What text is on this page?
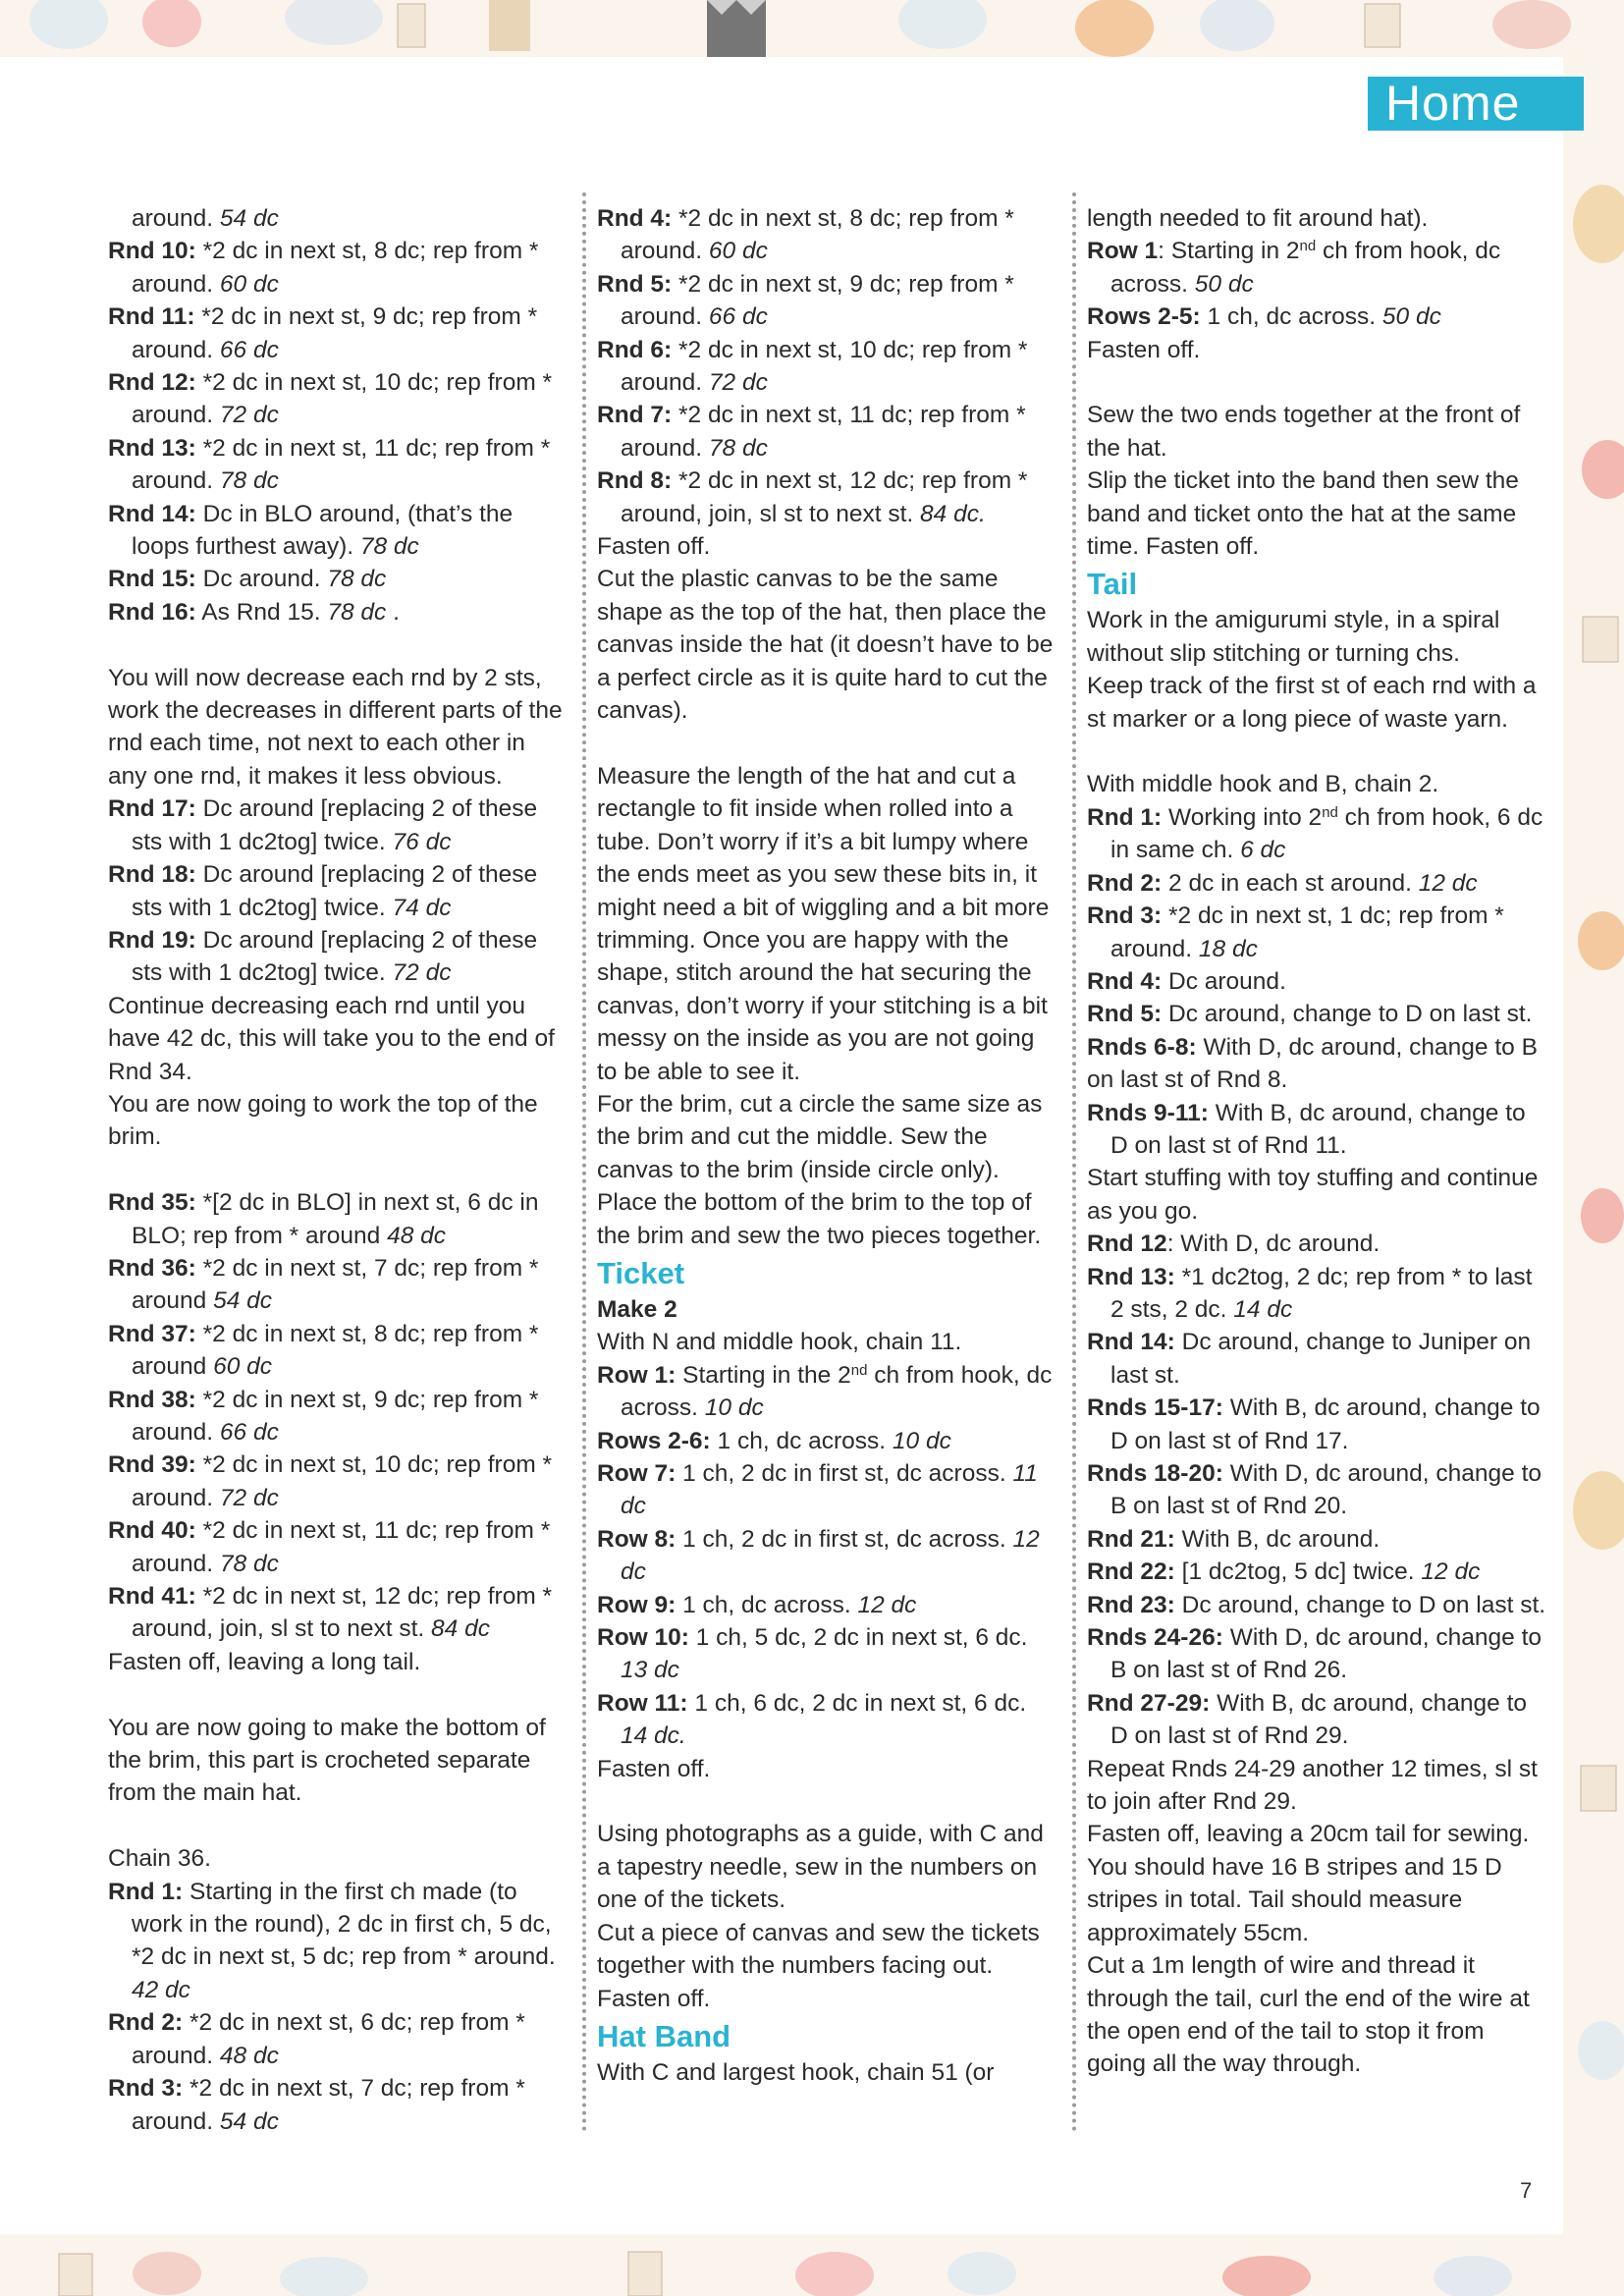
Home

around. 54 dc

Rnd 10: *2 dc in next st, 8 dc; rep from * around. 60 dc

Rnd 11: *2 dc in next st, 9 dc; rep from * around. 66 dc

Rnd 12: *2 dc in next st, 10 dc; rep from * around. 72 dc

Rnd 13: *2 dc in next st, 11 dc; rep from * around. 78 dc

Rnd 14: Dc in BLO around, (that’s the loops furthest away). 78 dc

Rnd 15: Dc around. 78 dc

Rnd 16: As Rnd 15. 78 dc .

You will now decrease each rnd by 2 sts, work the decreases in different parts of the rnd each time, not next to each other in any one rnd, it makes it less obvious.

Rnd 17: Dc around [replacing 2 of these sts with 1 dc2tog] twice. 76 dc

Rnd 18: Dc around [replacing 2 of these sts with 1 dc2tog] twice. 74 dc

Rnd 19: Dc around [replacing 2 of these sts with 1 dc2tog] twice. 72 dc

Continue decreasing each rnd until you have 42 dc, this will take you to the end of Rnd 34.

You are now going to work the top of the brim.

Rnd 35: *[2 dc in BLO] in next st, 6 dc in BLO; rep from * around 48 dc

Rnd 36: *2 dc in next st, 7 dc; rep from * around 54 dc

Rnd 37: *2 dc in next st, 8 dc; rep from * around 60 dc

Rnd 38: *2 dc in next st, 9 dc; rep from * around. 66 dc

Rnd 39: *2 dc in next st, 10 dc; rep from * around. 72 dc

Rnd 40: *2 dc in next st, 11 dc; rep from * around. 78 dc

Rnd 41: *2 dc in next st, 12 dc; rep from * around, join, sl st to next st. 84 dc

Fasten off, leaving a long tail.

You are now going to make the bottom of the brim, this part is crocheted separate from the main hat.

Chain 36.

Rnd 1: Starting in the first ch made (to work in the round), 2 dc in first ch, 5 dc, *2 dc in next st, 5 dc; rep from * around. 42 dc

Rnd 2: *2 dc in next st, 6 dc; rep from * around. 48 dc

Rnd 3: *2 dc in next st, 7 dc; rep from * around. 54 dc

Rnd 4: *2 dc in next st, 8 dc; rep from * around. 60 dc

Rnd 5: *2 dc in next st, 9 dc; rep from * around. 66 dc

Rnd 6: *2 dc in next st, 10 dc; rep from * around. 72 dc

Rnd 7: *2 dc in next st, 11 dc; rep from * around. 78 dc

Rnd 8: *2 dc in next st, 12 dc; rep from * around, join, sl st to next st. 84 dc.

Fasten off.

Cut the plastic canvas to be the same shape as the top of the hat, then place the canvas inside the hat (it doesn’t have to be a perfect circle as it is quite hard to cut the canvas).

Measure the length of the hat and cut a rectangle to fit inside when rolled into a tube. Don’t worry if it’s a bit lumpy where the ends meet as you sew these bits in, it might need a bit of wiggling and a bit more trimming. Once you are happy with the shape, stitch around the hat securing the canvas, don’t worry if your stitching is a bit messy on the inside as you are not going to be able to see it.

For the brim, cut a circle the same size as the brim and cut the middle. Sew the canvas to the brim (inside circle only). Place the bottom of the brim to the top of the brim and sew the two pieces together.

Ticket

Make 2

With N and middle hook, chain 11.

Row 1: Starting in the 2nd ch from hook, dc across. 10 dc

Rows 2-6: 1 ch, dc across. 10 dc

Row 7: 1 ch, 2 dc in first st, dc across. 11 dc

Row 8: 1 ch, 2 dc in first st, dc across. 12 dc

Row 9: 1 ch, dc across. 12 dc

Row 10: 1 ch, 5 dc, 2 dc in next st, 6 dc. 13 dc

Row 11: 1 ch, 6 dc, 2 dc in next st, 6 dc. 14 dc.

Fasten off.

Using photographs as a guide, with C and a tapestry needle, sew in the numbers on one of the tickets.

Cut a piece of canvas and sew the tickets together with the numbers facing out.

Fasten off.

Hat Band

With C and largest hook, chain 51 (or

length needed to fit around hat).

Row 1: Starting in 2nd ch from hook, dc across. 50 dc

Rows 2-5: 1 ch, dc across. 50 dc

Fasten off.

Sew the two ends together at the front of the hat.

Slip the ticket into the band then sew the band and ticket onto the hat at the same time. Fasten off.

Tail

Work in the amigurumi style, in a spiral without slip stitching or turning chs.

Keep track of the first st of each rnd with a st marker or a long piece of waste yarn.

With middle hook and B, chain 2.

Rnd 1: Working into 2nd ch from hook, 6 dc in same ch. 6 dc

Rnd 2: 2 dc in each st around. 12 dc

Rnd 3: *2 dc in next st, 1 dc; rep from * around. 18 dc

Rnd 4: Dc around.

Rnd 5: Dc around, change to D on last st.

Rnds 6-8: With D, dc around, change to B on last st of Rnd 8.

Rnds 9-11: With B, dc around, change to D on last st of Rnd 11.

Start stuffing with toy stuffing and continue as you go.

Rnd 12: With D, dc around.

Rnd 13: *1 dc2tog, 2 dc; rep from * to last 2 sts, 2 dc. 14 dc

Rnd 14: Dc around, change to Juniper on last st.

Rnds 15-17: With B, dc around, change to D on last st of Rnd 17.

Rnds 18-20: With D, dc around, change to B on last st of Rnd 20.

Rnd 21: With B, dc around.

Rnd 22: [1 dc2tog, 5 dc] twice. 12 dc

Rnd 23: Dc around, change to D on last st.

Rnds 24-26: With D, dc around, change to B on last st of Rnd 26.

Rnd 27-29: With B, dc around, change to D on last st of Rnd 29.

Repeat Rnds 24-29 another 12 times, sl st to join after Rnd 29.

Fasten off, leaving a 20cm tail for sewing.

You should have 16 B stripes and 15 D stripes in total. Tail should measure approximately 55cm.

Cut a 1m length of wire and thread it through the tail, curl the end of the wire at the open end of the tail to stop it from going all the way through.

7
